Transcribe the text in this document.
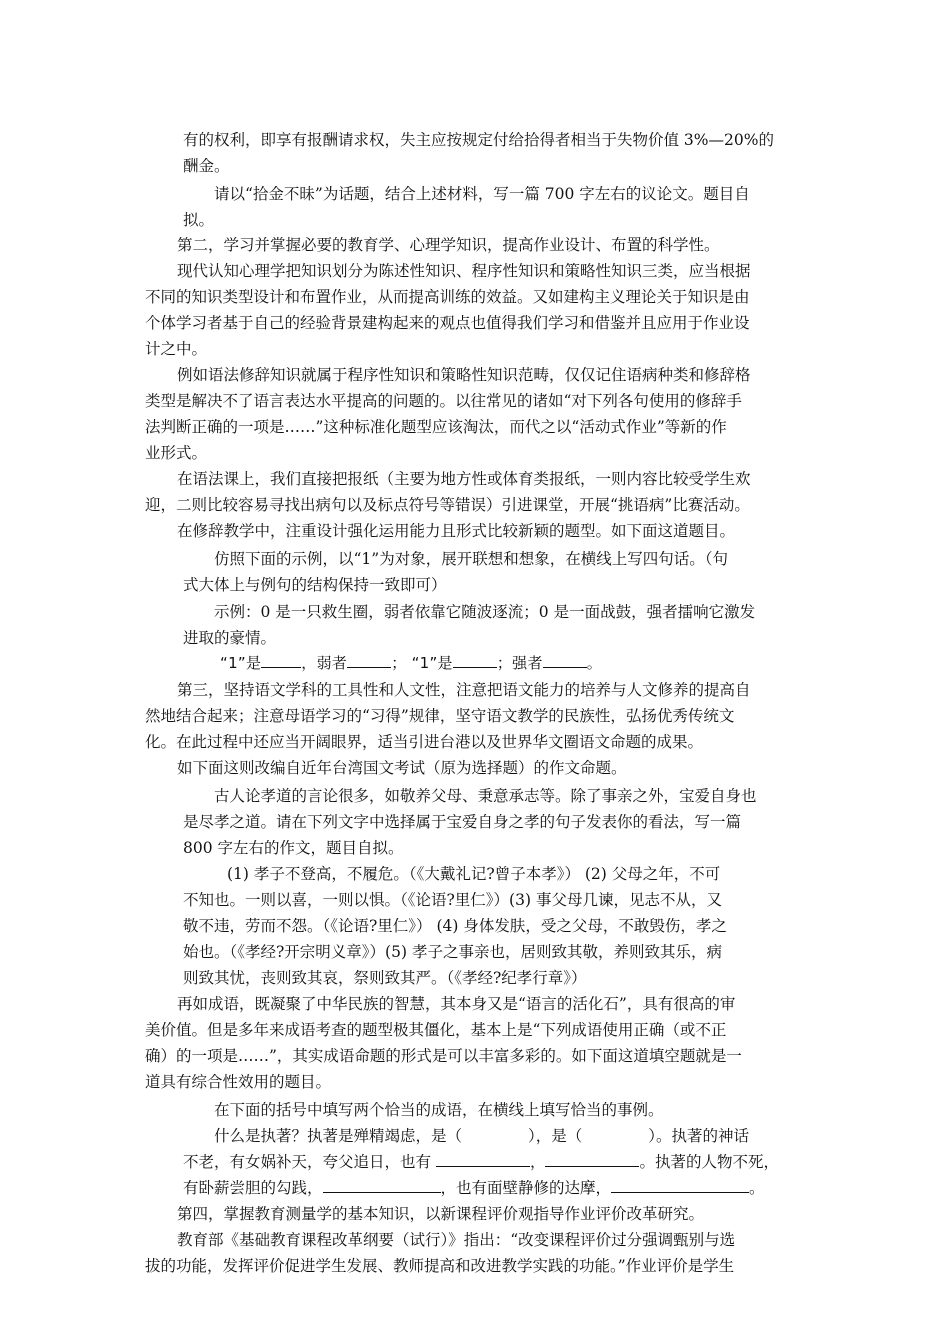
有的权利，即享有报酬请求权，失主应按规定付给拾得者相当于失物价值 3%—20%的
酬金。
请以“拾金不昧”为话题，结合上述材料，写一篇 700 字左右的议论文。题目自
拟。
第二，学习并掌握必要的教育学、心理学知识，提高作业设计、布置的科学性。
现代认知心理学把知识划分为陈述性知识、程序性知识和策略性知识三类，应当根据
不同的知识类型设计和布置作业，从而提高训练的效益。又如建构主义理论关于知识是由
个体学习者基于自己的经验背景建构起来的观点也值得我们学习和借鉴并且应用于作业设
计之中。
例如语法修辞知识就属于程序性知识和策略性知识范畴，仅仅记住语病种类和修辞格
类型是解决不了语言表达水平提高的问题的。以往常见的诸如“对下列各句使用的修辞手
法判断正确的一项是……”这种标准化题型应该淘汰，而代之以“活动式作业”等新的作
业形式。
在语法课上，我们直接把报纸（主要为地方性或体育类报纸，一则内容比较受学生欢
迎，二则比较容易寻找出病句以及标点符号等错误）引进课堂，开展“挑语病”比赛活动。
在修辞教学中，注重设计强化运用能力且形式比较新颖的题型。如下面这道题目。
仿照下面的示例，以“1”为对象，展开联想和想象，在横线上写四句话。（句
式大体上与例句的结构保持一致即可）
示例：0 是一只救生圈，弱者依靠它随波逐流；0 是一面战鼓，强者擂响它激发
进取的豪情。
“1”是	，弱者	； “1”是	；强者	。
第三，坚持语文学科的工具性和人文性，注意把语文能力的培养与人文修养的提高自
然地结合起来；注意母语学习的“习得”规律，坚守语文教学的民族性，弘扬优秀传统文
化。在此过程中还应当开阔眼界，适当引进台港以及世界华文圈语文命题的成果。
如下面这则改编自近年台湾国文考试（原为选择题）的作文命题。
古人论孝道的言论很多，如敬养父母、秉意承志等。除了事亲之外，宝爱自身也
是尽孝之道。请在下列文字中选择属于宝爱自身之孝的句子发表你的看法，写一篇
800 字左右的作文，题目自拟。
(1) 孝子不登高，不履危。（《大戴礼记?曾子本孝》） (2) 父母之年，不可
不知也。一则以喜，一则以惧。（《论语?里仁》）(3) 事父母几谏，见志不从，又
敬不违，劳而不怨。（《论语?里仁》） (4) 身体发肤，受之父母，不敢毁伤，孝之
始也。（《孝经?开宗明义章》）(5) 孝子之事亲也，居则致其敬，养则致其乐，病
则致其忧，丧则致其哀，祭则致其严。（《孝经?纪孝行章》）
再如成语，既凝聚了中华民族的智慧，其本身又是“语言的活化石”，具有很高的审
美价值。但是多年来成语考查的题型极其僵化，基本上是“下列成语使用正确（或不正
确）的一项是……”，其实成语命题的形式是可以丰富多彩的。如下面这道填空题就是一
道具有综合性效用的题目。
在下面的括号中填写两个恰当的成语，在横线上填写恰当的事例。
什么是执著？执著是殚精竭虑，是（	），是（	）。执著的神话
不老，有女娲补天，夸父追日，也有	，	。执著的人物不死，
有卧薪尝胆的勾践，	，也有面壁静修的达摩，	。
第四，掌握教育测量学的基本知识，以新课程评价观指导作业评价改革研究。
教育部《基础教育课程改革纲要（试行）》指出：“改变课程评价过分强调甄别与选
拔的功能，发挥评价促进学生发展、教师提高和改进教学实践的功能。”作业评价是学生
